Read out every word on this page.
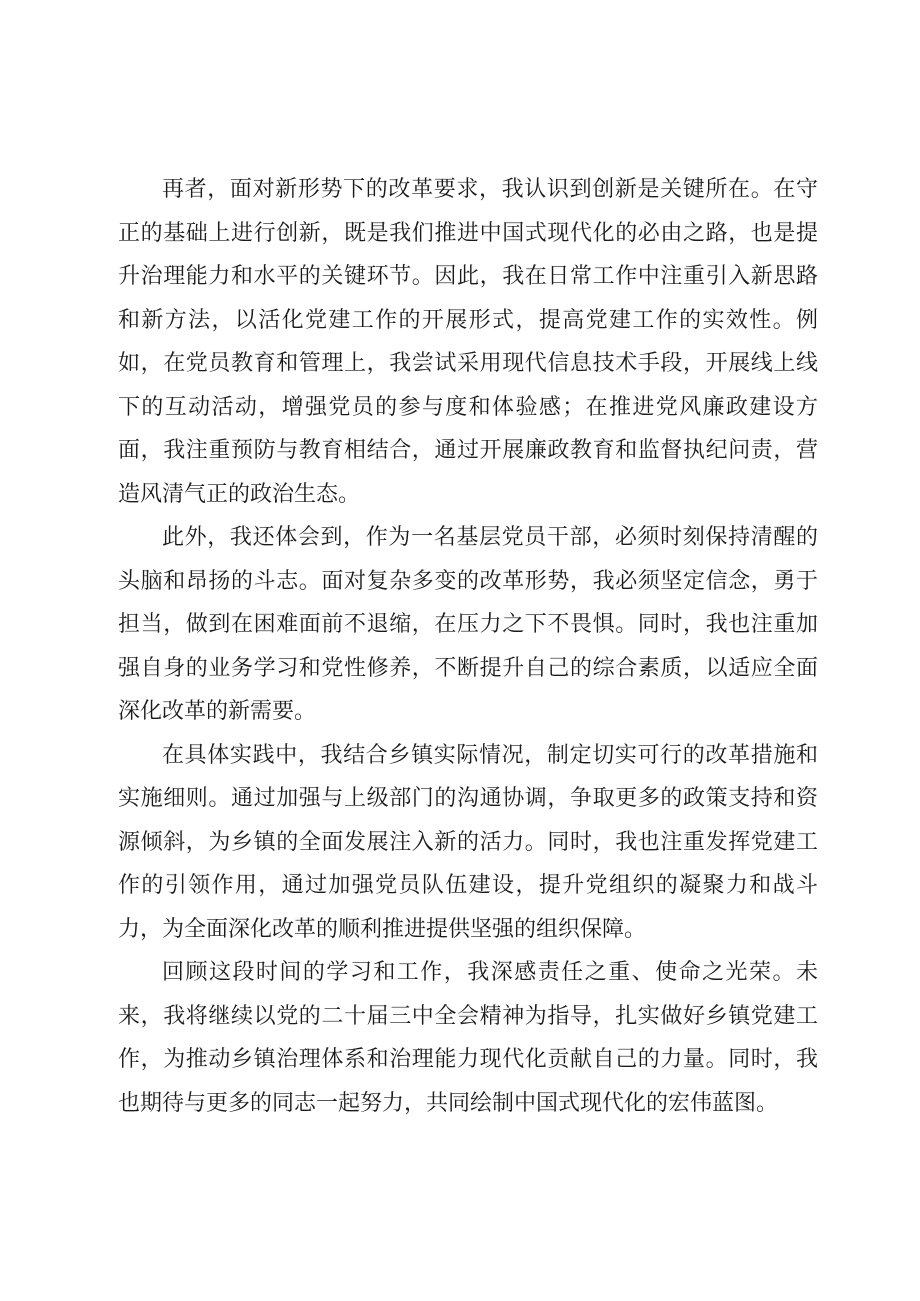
再者，面对新形势下的改革要求，我认识到创新是关键所在。在守正的基础上进行创新，既是我们推进中国式现代化的必由之路，也是提升治理能力和水平的关键环节。因此，我在日常工作中注重引入新思路和新方法，以活化党建工作的开展形式，提高党建工作的实效性。例如，在党员教育和管理上，我尝试采用现代信息技术手段，开展线上线下的互动活动，增强党员的参与度和体验感；在推进党风廉政建设方面，我注重预防与教育相结合，通过开展廉政教育和监督执纪问责，营造风清气正的政治生态。

此外，我还体会到，作为一名基层党员干部，必须时刻保持清醒的头脑和昂扬的斗志。面对复杂多变的改革形势，我必须坚定信念，勇于担当，做到在困难面前不退缩，在压力之下不畏惧。同时，我也注重加强自身的业务学习和党性修养，不断提升自己的综合素质，以适应全面深化改革的新需要。

在具体实践中，我结合乡镇实际情况，制定切实可行的改革措施和实施细则。通过加强与上级部门的沟通协调，争取更多的政策支持和资源倾斜，为乡镇的全面发展注入新的活力。同时，我也注重发挥党建工作的引领作用，通过加强党员队伍建设，提升党组织的凝聚力和战斗力，为全面深化改革的顺利推进提供坚强的组织保障。

回顾这段时间的学习和工作，我深感责任之重、使命之光荣。未来，我将继续以党的二十届三中全会精神为指导，扎实做好乡镇党建工作，为推动乡镇治理体系和治理能力现代化贡献自己的力量。同时，我也期待与更多的同志一起努力，共同绘制中国式现代化的宏伟蓝图。
